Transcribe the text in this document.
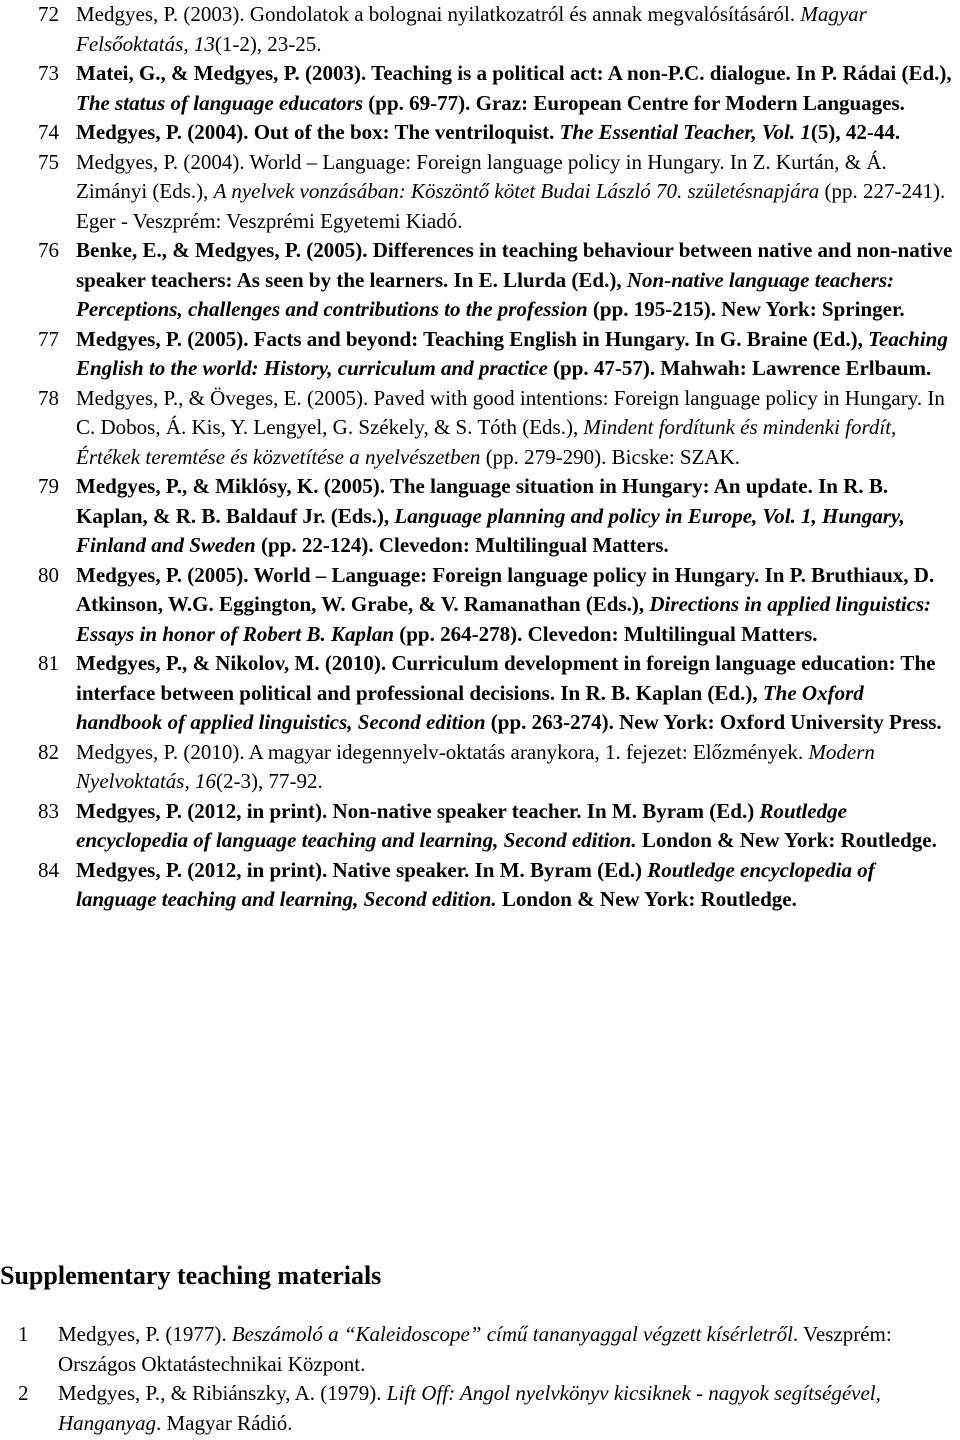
72 Medgyes, P. (2003). Gondolatok a bolognai nyilatkozatról és annak megvalósításáról. Magyar Felsőoktatás, 13(1-2), 23-25.
73 Matei, G., & Medgyes, P. (2003). Teaching is a political act: A non-P.C. dialogue. In P. Rádai (Ed.), The status of language educators (pp. 69-77). Graz: European Centre for Modern Languages.
74 Medgyes, P. (2004). Out of the box: The ventriloquist. The Essential Teacher, Vol. 1(5), 42-44.
75 Medgyes, P. (2004). World – Language: Foreign language policy in Hungary. In Z. Kurtán, & Á. Zimányi (Eds.), A nyelvek vonzásában: Köszöntő kötet Budai László 70. születésnapjára (pp. 227-241). Eger - Veszprém: Veszprémi Egyetemi Kiadó.
76 Benke, E., & Medgyes, P. (2005). Differences in teaching behaviour between native and non-native speaker teachers: As seen by the learners. In E. Llurda (Ed.), Non-native language teachers: Perceptions, challenges and contributions to the profession (pp. 195-215). New York: Springer.
77 Medgyes, P. (2005). Facts and beyond: Teaching English in Hungary. In G. Braine (Ed.), Teaching English to the world: History, curriculum and practice (pp. 47-57). Mahwah: Lawrence Erlbaum.
78 Medgyes, P., & Öveges, E. (2005). Paved with good intentions: Foreign language policy in Hungary. In C. Dobos, Á. Kis, Y. Lengyel, G. Székely, & S. Tóth (Eds.), Mindent fordítunk és mindenki fordít, Értékek teremtése és közvetítése a nyelvészetben (pp. 279-290). Bicske: SZAK.
79 Medgyes, P., & Miklósy, K. (2005). The language situation in Hungary: An update. In R. B. Kaplan, & R. B. Baldauf Jr. (Eds.), Language planning and policy in Europe, Vol. 1, Hungary, Finland and Sweden (pp. 22-124). Clevedon: Multilingual Matters.
80 Medgyes, P. (2005). World – Language: Foreign language policy in Hungary. In P. Bruthiaux, D. Atkinson, W.G. Eggington, W. Grabe, & V. Ramanathan (Eds.), Directions in applied linguistics: Essays in honor of Robert B. Kaplan (pp. 264-278). Clevedon: Multilingual Matters.
81 Medgyes, P., & Nikolov, M. (2010). Curriculum development in foreign language education: The interface between political and professional decisions. In R. B. Kaplan (Ed.), The Oxford handbook of applied linguistics, Second edition (pp. 263-274). New York: Oxford University Press.
82 Medgyes, P. (2010). A magyar idegennyelv-oktatás aranykora, 1. fejezet: Előzmények. Modern Nyelvoktatás, 16(2-3), 77-92.
83 Medgyes, P. (2012, in print). Non-native speaker teacher. In M. Byram (Ed.) Routledge encyclopedia of language teaching and learning, Second edition. London & New York: Routledge.
84 Medgyes, P. (2012, in print). Native speaker. In M. Byram (Ed.) Routledge encyclopedia of language teaching and learning, Second edition. London & New York: Routledge.
Supplementary teaching materials
1	Medgyes, P. (1977). Beszámoló a “Kaleidoscope” című tananyaggal végzett kísérletről. Veszprém: Országos Oktatástechnikai Központ.
2	Medgyes, P., & Ribiánszky, A. (1979). Lift Off: Angol nyelvkönyv kicsiknek - nagyok segítségével, Hanganyag. Magyar Rádió.
